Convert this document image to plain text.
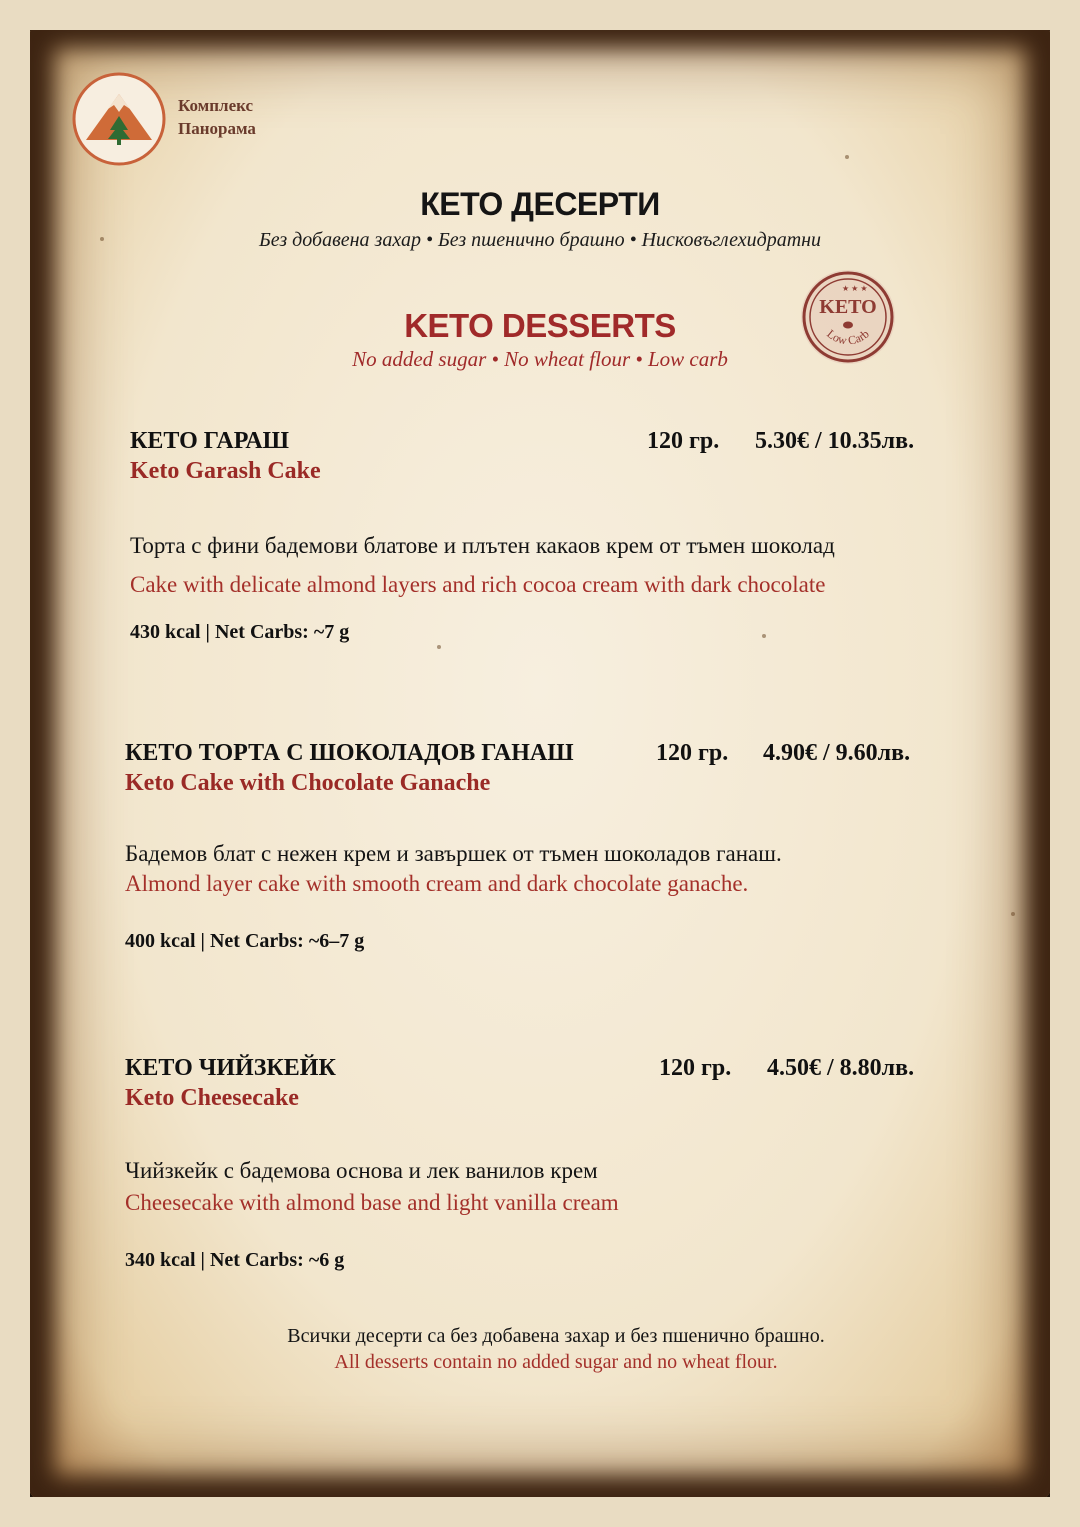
Комплекс
Панорама
КЕТО ДЕСЕРТИ
Без добавена захар • Без пшенично брашно • Нисковъглехидратни
KETO DESSERTS
No added sugar • No wheat flour • Low carb
★ ★ ★
KETO
Low Carb
КЕТО ГАРАШ	120 гр. 5.30€ / 10.35лв.
Keto Garash Cake
Торта с фини бадемови блатове и плътен какаов крем от тъмен шоколад
Cake with delicate almond layers and rich cocoa cream with dark chocolate
430 kcal | Net Carbs: ~7 g
КЕТО ТОРТА С ШОКОЛАДОВ ГАНАШ	120 гр. 4.90€ / 9.60лв.
Keto Cake with Chocolate Ganache
Бадемов блат с нежен крем и завършек от тъмен шоколадов ганаш.
Almond layer cake with smooth cream and dark chocolate ganache.
400 kcal | Net Carbs: ~6–7 g
КЕТО ЧИЙЗКЕЙК	120 гр. 4.50€ / 8.80лв.
Keto Cheesecake
Чийзкейк с бадемова основа и лек ванилов крем
Cheesecake with almond base and light vanilla cream
340 kcal | Net Carbs: ~6 g
Всички десерти са без добавена захар и без пшенично брашно.
All desserts contain no added sugar and no wheat flour.
